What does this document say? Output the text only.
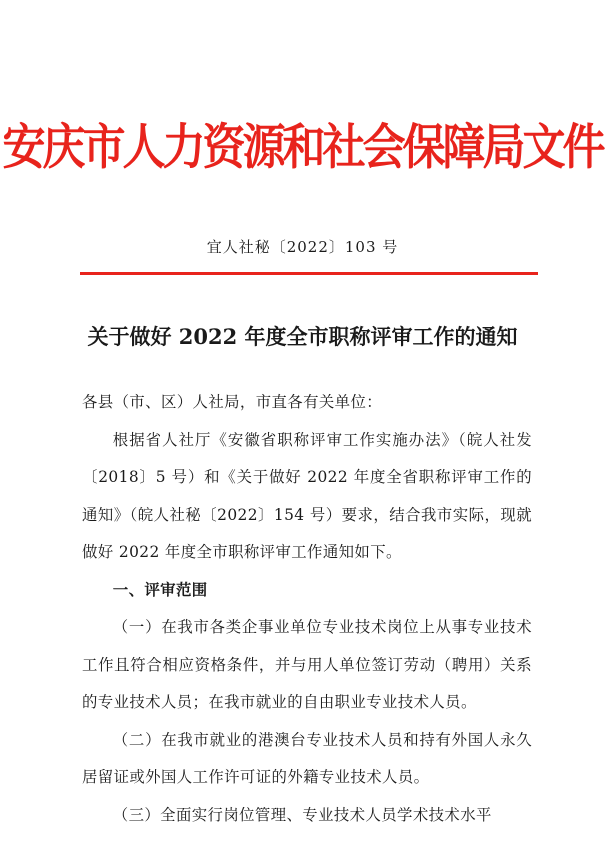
安庆市人力资源和社会保障局文件
宜人社秘〔2022〕103 号
关于做好 2022 年度全市职称评审工作的通知

各县（市、区）人社局，市直各有关单位：

根据省人社厅《安徽省职称评审工作实施办法》（皖人社发〔2018〕5 号）和《关于做好 2022 年度全省职称评审工作的通知》（皖人社秘〔2022〕154 号）要求，结合我市实际，现就做好 2022 年度全市职称评审工作通知如下。

一、评审范围

（一）在我市各类企事业单位专业技术岗位上从事专业技术工作且符合相应资格条件，并与用人单位签订劳动（聘用）关系的专业技术人员；在我市就业的自由职业专业技术人员。

（二）在我市就业的港澳台专业技术人员和持有外国人永久居留证或外国人工作许可证的外籍专业技术人员。

（三）全面实行岗位管理、专业技术人员学术技术水平
